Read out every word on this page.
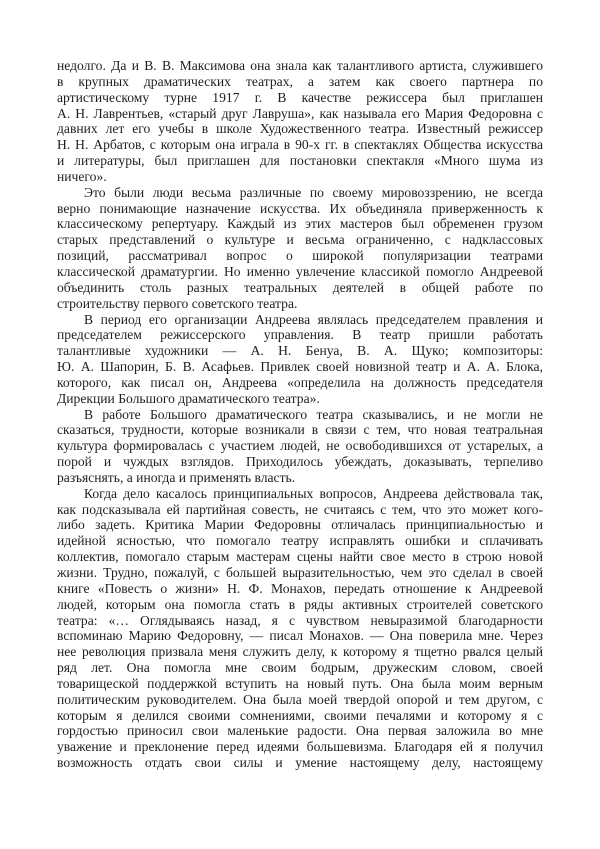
недолго. Да и В. В. Максимова она знала как талантливого артиста, служившего
в крупных драматических театрах, а затем как своего партнера по
артистическому турне 1917 г. В качестве режиссера был приглашен
А. Н. Лаврентьев, «старый друг Лавруша», как называла его Мария Федоровна с
давних лет его учебы в школе Художественного театра. Известный режиссер
Н. Н. Арбатов, с которым она играла в 90-х гг. в спектаклях Общества искусства
и литературы, был приглашен для постановки спектакля «Много шума из
ничего».
Это были люди весьма различные по своему мировоззрению, не всегда
верно понимающие назначение искусства. Их объединяла приверженность к
классическому репертуару. Каждый из этих мастеров был обременен грузом
старых представлений о культуре и весьма ограниченно, с надклассовых
позиций, рассматривал вопрос о широкой популяризации театрами
классической драматургии. Но именно увлечение классикой помогло Андреевой
объединить столь разных театральных деятелей в общей работе по
строительству первого советского театра.
В период его организации Андреева являлась председателем правления и
председателем режиссерского управления. В театр пришли работать
талантливые художники — А. Н. Бенуа, В. А. Щуко; композиторы:
Ю. А. Шапорин, Б. В. Асафьев. Привлек своей новизной театр и А. А. Блока,
которого, как писал он, Андреева «определила на должность председателя
Дирекции Большого драматического театра».
В работе Большого драматического театра сказывались, и не могли не
сказаться, трудности, которые возникали в связи с тем, что новая театральная
культура формировалась с участием людей, не освободившихся от устарелых, а
порой и чуждых взглядов. Приходилось убеждать, доказывать, терпеливо
разъяснять, а иногда и применять власть.
Когда дело касалось принципиальных вопросов, Андреева действовала так,
как подсказывала ей партийная совесть, не считаясь с тем, что это может кого-
либо задеть. Критика Марии Федоровны отличалась принципиальностью и
идейной ясностью, что помогало театру исправлять ошибки и сплачивать
коллектив, помогало старым мастерам сцены найти свое место в строю новой
жизни. Трудно, пожалуй, с большей выразительностью, чем это сделал в своей
книге «Повесть о жизни» Н. Ф. Монахов, передать отношение к Андреевой
людей, которым она помогла стать в ряды активных строителей советского
театра: «… Оглядываясь назад, я с чувством невыразимой благодарности
вспоминаю Марию Федоровну, — писал Монахов. — Она поверила мне. Через
нее революция призвала меня служить делу, к которому я тщетно рвался целый
ряд лет. Она помогла мне своим бодрым, дружеским словом, своей
товарищеской поддержкой вступить на новый путь. Она была моим верным
политическим руководителем. Она была моей твердой опорой и тем другом, с
которым я делился своими сомнениями, своими печалями и которому я с
гордостью приносил свои маленькие радости. Она первая заложила во мне
уважение и преклонение перед идеями большевизма. Благодаря ей я получил
возможность отдать свои силы и умение настоящему делу, настоящему
